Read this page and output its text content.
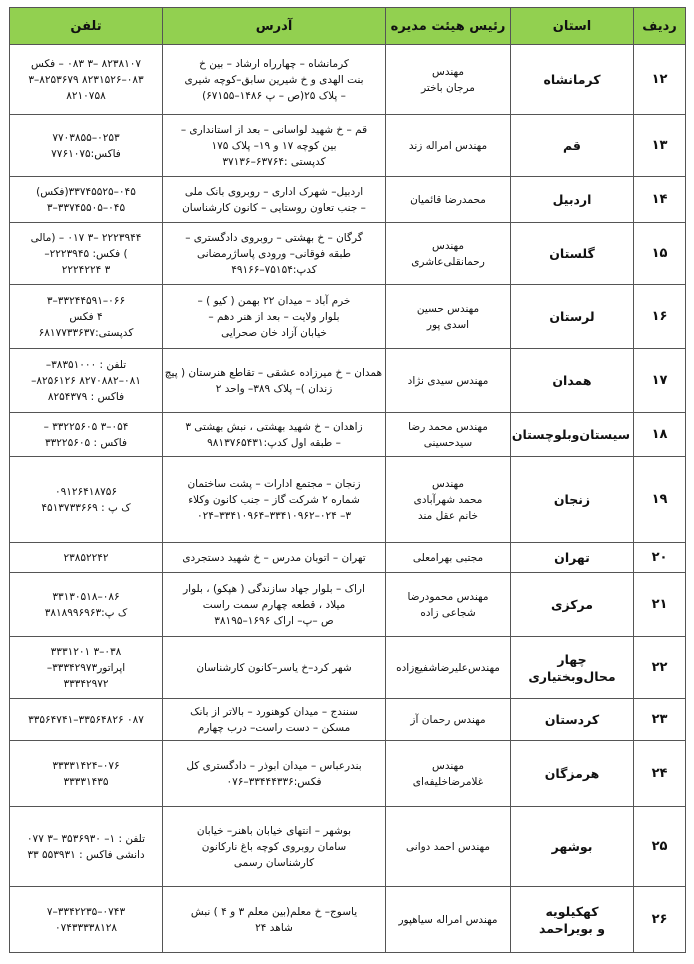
ردیف	استان	رئیس هیئت مدیره	آدرس	تلفن
۱۲	کرمانشاه	مهندس
مرجان باختر	کرمانشاه – چهارراه ارشاد – بین خ
بنت الهدی و خ شیرین سابق–کوچه شیری
– پلاک ۲۵(ص – پ ۱۴۸۶–۶۷۱۵۵)	۸۲۳۸۱۰۷ –۳ ۰۸۳ – فکس
۰۸۳–۸۲۳۱۵۲۶ ۸۲۵۳۶۷۹–۳
۸۲۱۰۷۵۸

۱۳	قم	مهندس امراله زند	قم – خ شهید لواسانی – بعد از استانداری –
بین کوچه ۱۷ و ۱۹– پلاک ۱۷۵
کدپستی :۶۳۷۶۴–۳۷۱۳۶	۰۲۵۳–۷۷۰۳۸۵۵
فاکس:۷۷۶۱۰۷۵

۱۴	اردبیل	محمدرضا قائمیان	اردبیل– شهرک اداری – روبروی بانک ملی
– جنب تعاون روستایی – کانون کارشناسان	۰۴۵–۳۳۷۴۵۵۲۵(فکس)
۰۴۵–۳۳۷۴۵۵۰۵–۳

۱۵	گلستان	مهندس
رحمانقلی‌عاشری	گرگان – خ بهشتی – روبروی دادگستری –
طبقه فوقانی– ورودی پاساژرمضانی
کدپ:۷۵۱۵۴–۴۹۱۶۶	۲۲۲۳۹۴۴ –۳ ۰۱۷ – (مالی
) فکس: ۲۲۲۳۹۴۵–
۳ ۲۲۲۴۲۲۴

۱۶	لرستان	مهندس حسین
اسدی پور	خرم آباد – میدان ۲۲ بهمن ( کیو ) –
بلوار ولایت – بعد از هنر دهم –
خیابان آزاد خان صحرایی	۰۶۶–۳۳۲۴۴۵۹۱–۳
۴ فکس
کدپستی:۶۸۱۷۷۳۳۶۳۷

۱۷	همدان	مهندس سیدی نژاد	همدان – خ میرزاده عشقی – تقاطع هنرستان ( پیچ
زندان )– پلاک ۳۸۹– واحد ۲	تلفن : ۳۸۳۵۱۰۰۰–
۰۸۱–۸۲۷۰۸۸۲ ۸۲۵۶۱۲۶–
فاکس : ۸۲۵۴۳۷۹

۱۸	سیستان‌وبلوچستان	مهندس محمد رضا
سیدحسینی	زاهدان – خ شهید بهشتی ، نبش بهشتی ۳
– طبقه اول کدپ:۹۸۱۳۷۶۵۴۳۱	۰۵۴–۳ ۳۳۲۲۵۶۰۵ –
فاکس : ۳۳۲۲۵۶۰۵

۱۹	زنجان	مهندس
محمد شهرآبادی
خانم عقل مند	زنجان – مجتمع ادارات – پشت ساختمان
شماره ۲ شرکت گاز – جنب کانون وکلاء
۳– ۰۲۴–۳۳۴۱۰۹۶۲–۳۳۴۱۰۹۶۴–۰۲۴	۰۹۱۲۶۴۱۸۷۵۶
ک پ : ۴۵۱۳۷۳۳۶۶۹

۲۰	تهران	مجتبی بهرامعلی	تهران – اتوبان مدرس – خ شهید دستجردی	۲۳۸۵۲۲۴۲

۲۱	مرکزی	مهندس محمودرضا
شجاعی زاده	اراک – بلوار جهاد سازندگی ( هپکو) ، بلوار
میلاد ، قطعه چهارم سمت راست
ص –پ– اراک ۱۶۹۶–۳۸۱۹۵	۰۸۶–۳۳۱۳۰۵۱۸
ک پ:۳۸۱۸۹۹۶۹۶۳

۲۲	چهار
محال‌وبختیاری	مهندس‌علیرضاشفیع‌زاده	شهر کرد–خ یاسر–کانون کارشناسان	۰۳۸–۳ ۳۳۳۱۲۰۱
اپراتور۳۳۳۴۲۹۷۳–
۳۳۳۴۲۹۷۲

۲۳	کردستان	مهندس رحمان آز	سنندج – میدان کوهنورد – بالاتر از بانک
مسکن – دست راست– درب چهارم	۰۸۷ ۳۳۵۶۴۸۲۶–۳۳۵۶۴۷۴۱

۲۴	هرمزگان	مهندس
غلامرضاخلیفه‌ای	بندرعباس – میدان ابوذر – دادگستری کل
فکس:۳۳۴۴۴۳۳۶–۰۷۶	۰۷۶–۳۳۳۳۱۴۲۴
۳۳۳۳۱۴۳۵

۲۵	بوشهر	مهندس احمد دوانی	بوشهر – انتهای خیابان باهنر– خیابان
سامان روبروی کوچه باغ نارکانون
کارشناسان رسمی	تلفن : ۱– ۳۵۳۶۹۳۰ –۳ ۰۷۷
دانشی فاکس : ۵۵۳۹۳۱ ۳۳

۲۶	کهکیلویه
و بویراحمد	مهندس امراله سیاهپور	یاسوج– خ معلم(بین معلم ۳ و ۴ ) نبش
شاهد ۲۴	۰۷۴۳–۳۳۴۲۲۳۵–۷
۰۷۴۳۳۳۳۸۱۲۸
